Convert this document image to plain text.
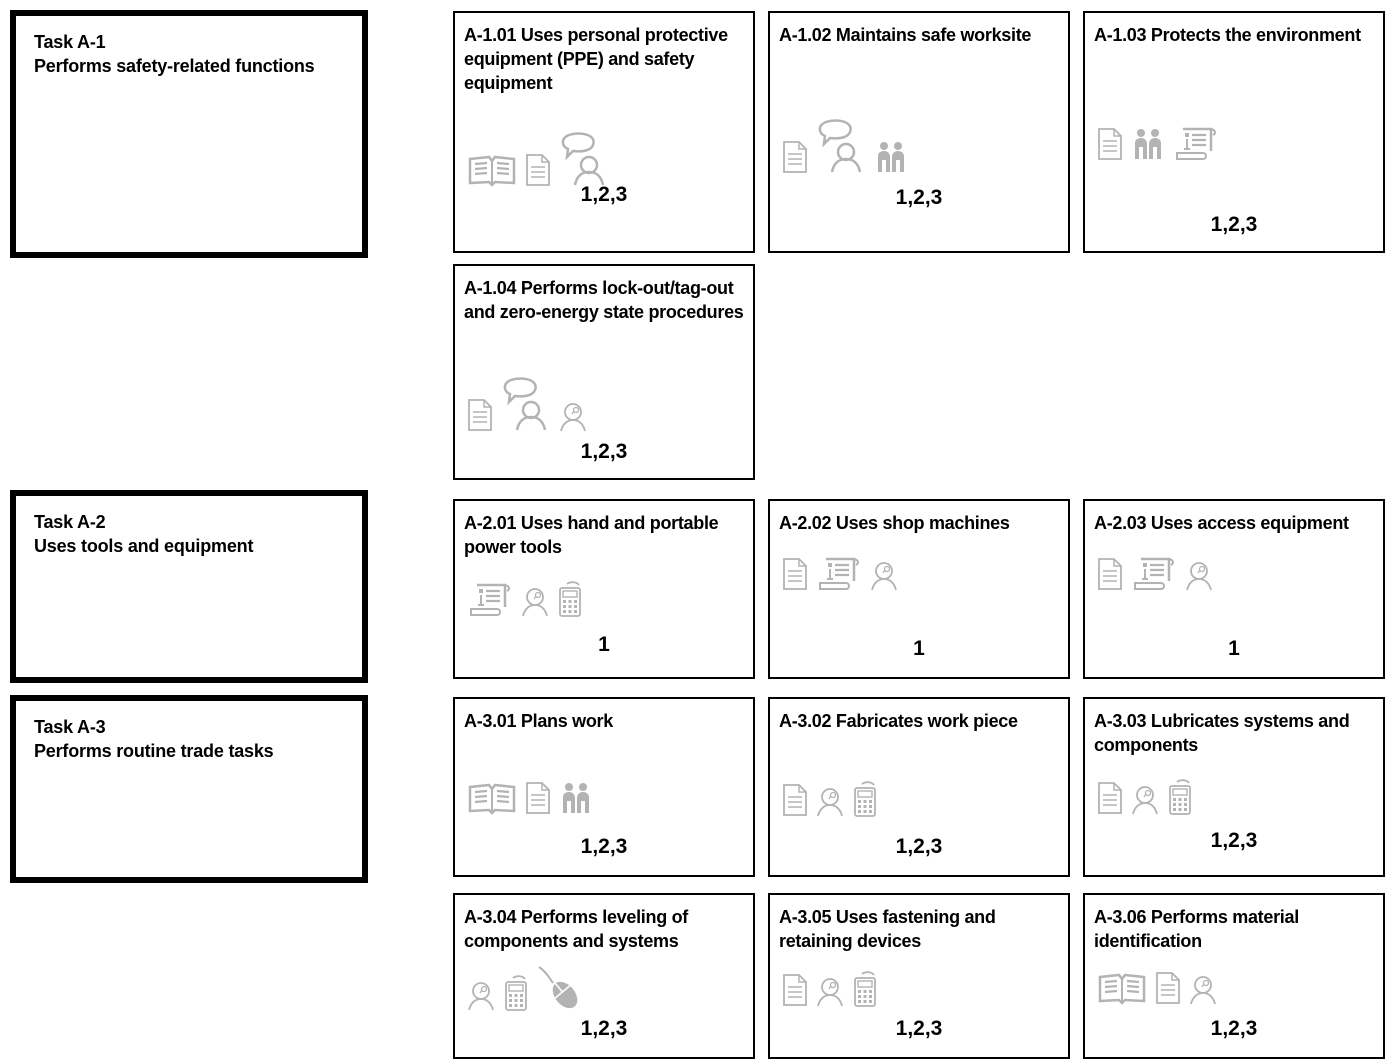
Task A-1
Performs safety-related functions
Task A-2
Uses tools and equipment
Task A-3
Performs routine trade tasks
A-1.01 Uses personal protective equipment (PPE) and safety equipment
1,2,3
A-1.02 Maintains safe worksite
1,2,3
A-1.03 Protects the environment
1,2,3
A-1.04 Performs lock-out/tag-out and zero-energy state procedures
1,2,3
A-2.01 Uses hand and portable power tools
1
A-2.02 Uses shop machines
1
A-2.03 Uses access equipment
1
A-3.01 Plans work
1,2,3
A-3.02 Fabricates work piece
1,2,3
A-3.03 Lubricates systems and components
1,2,3
A-3.04 Performs leveling of components and systems
1,2,3
A-3.05 Uses fastening and retaining devices
1,2,3
A-3.06 Performs material identification
1,2,3
